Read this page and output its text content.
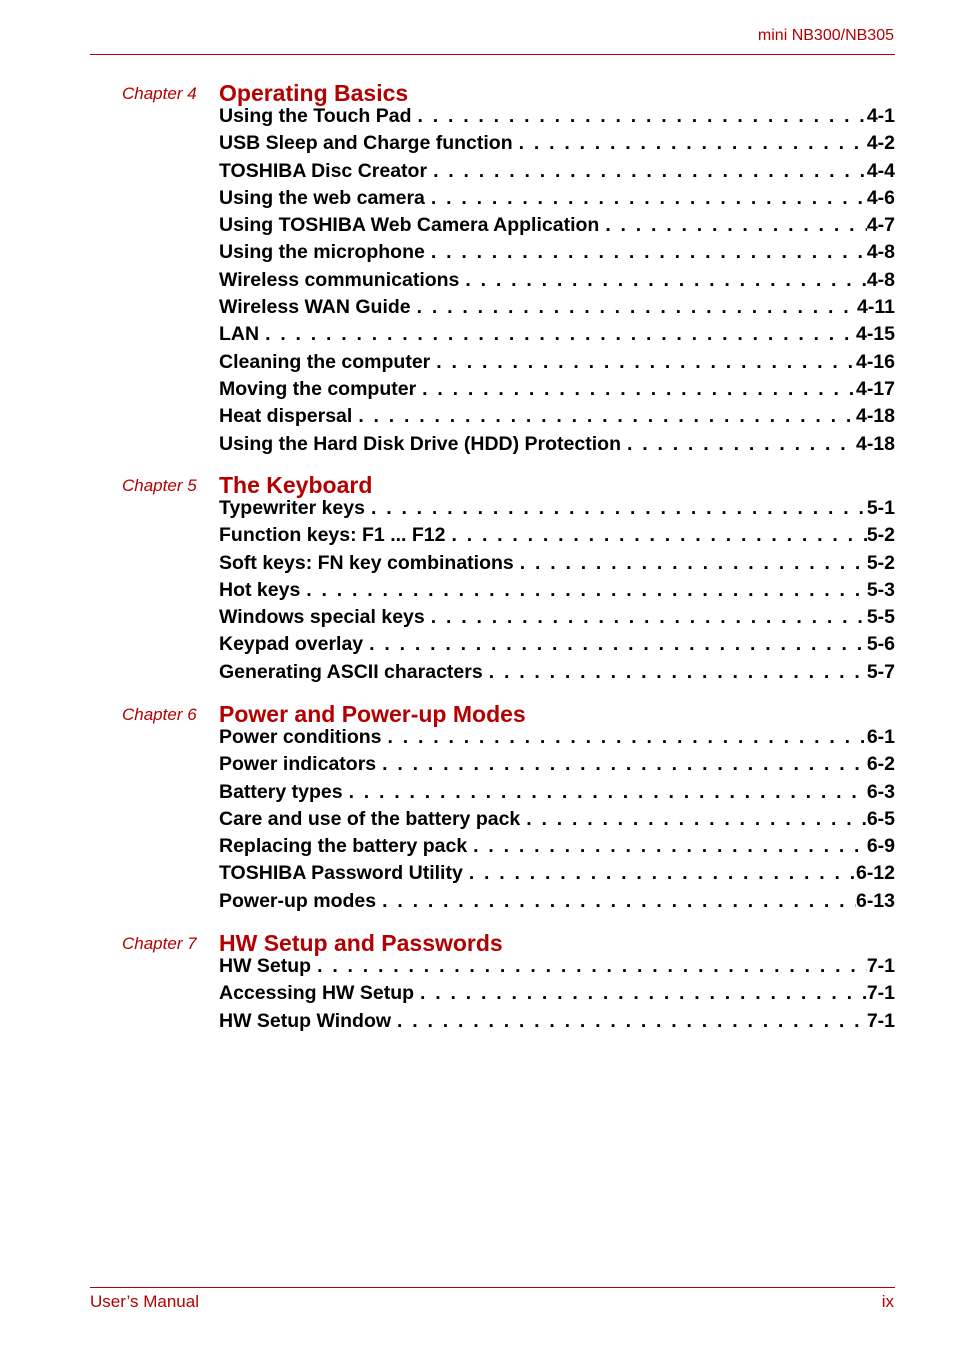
mini NB300/NB305
Chapter 4 Operating Basics
Using the Touch Pad . . .	4-1
USB Sleep and Charge function . . .	4-2
TOSHIBA Disc Creator . . .	4-4
Using the web camera . . .	4-6
Using TOSHIBA Web Camera Application . . .	4-7
Using the microphone . . .	4-8
Wireless communications . . .	4-8
Wireless WAN Guide . . .	4-11
LAN . . .	4-15
Cleaning the computer . . .	4-16
Moving the computer . . .	4-17
Heat dispersal . . .	4-18
Using the Hard Disk Drive (HDD) Protection . . .	4-18
Chapter 5 The Keyboard
Typewriter keys . . .	5-1
Function keys: F1 ... F12 . . .	5-2
Soft keys: FN key combinations . . .	5-2
Hot keys . . .	5-3
Windows special keys . . .	5-5
Keypad overlay . . .	5-6
Generating ASCII characters . . .	5-7
Chapter 6 Power and Power-up Modes
Power conditions . . .	6-1
Power indicators . . .	6-2
Battery types . . .	6-3
Care and use of the battery pack . . .	6-5
Replacing the battery pack . . .	6-9
TOSHIBA Password Utility . . .	6-12
Power-up modes . . .	6-13
Chapter 7 HW Setup and Passwords
HW Setup . . .	7-1
Accessing HW Setup . . .	7-1
HW Setup Window . . .	7-1
User’s Manual	ix
